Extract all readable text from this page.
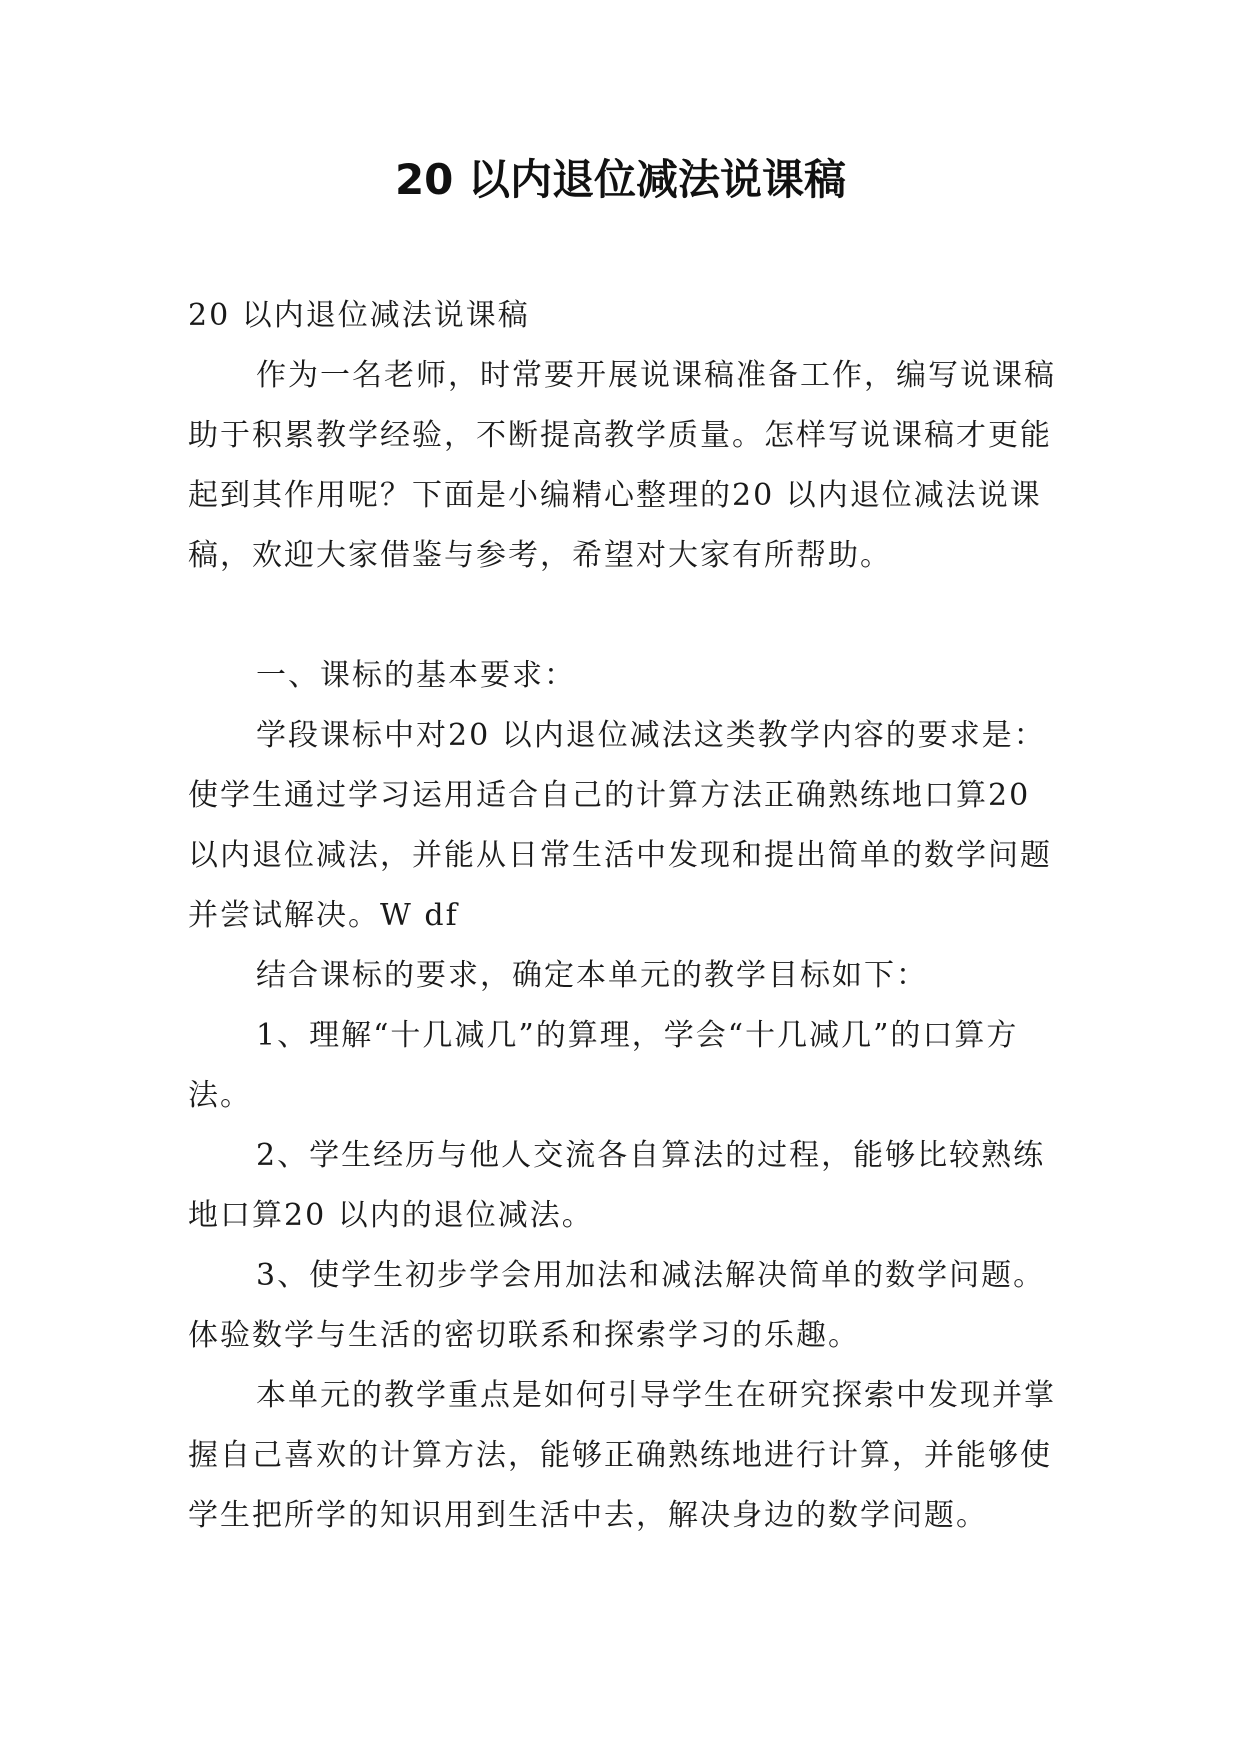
20 以内退位减法说课稿

20 以内退位减法说课稿

作为一名老师，时常要开展说课稿准备工作，编写说课稿助于积累教学经验，不断提高教学质量。怎样写说课稿才更能起到其作用呢？下面是小编精心整理的20 以内退位减法说课稿，欢迎大家借鉴与参考，希望对大家有所帮助。

一、课标的基本要求：

学段课标中对20 以内退位减法这类教学内容的要求是：使学生通过学习运用适合自己的计算方法正确熟练地口算20 以内退位减法，并能从日常生活中发现和提出简单的数学问题并尝试解决。W df

结合课标的要求，确定本单元的教学目标如下：

1、理解“十几减几”的算理，学会“十几减几”的口算方法。

2、学生经历与他人交流各自算法的过程，能够比较熟练地口算20 以内的退位减法。

3、使学生初步学会用加法和减法解决简单的数学问题。体验数学与生活的密切联系和探索学习的乐趣。

本单元的教学重点是如何引导学生在研究探索中发现并掌握自己喜欢的计算方法，能够正确熟练地进行计算，并能够使学生把所学的知识用到生活中去，解决身边的数学问题。
